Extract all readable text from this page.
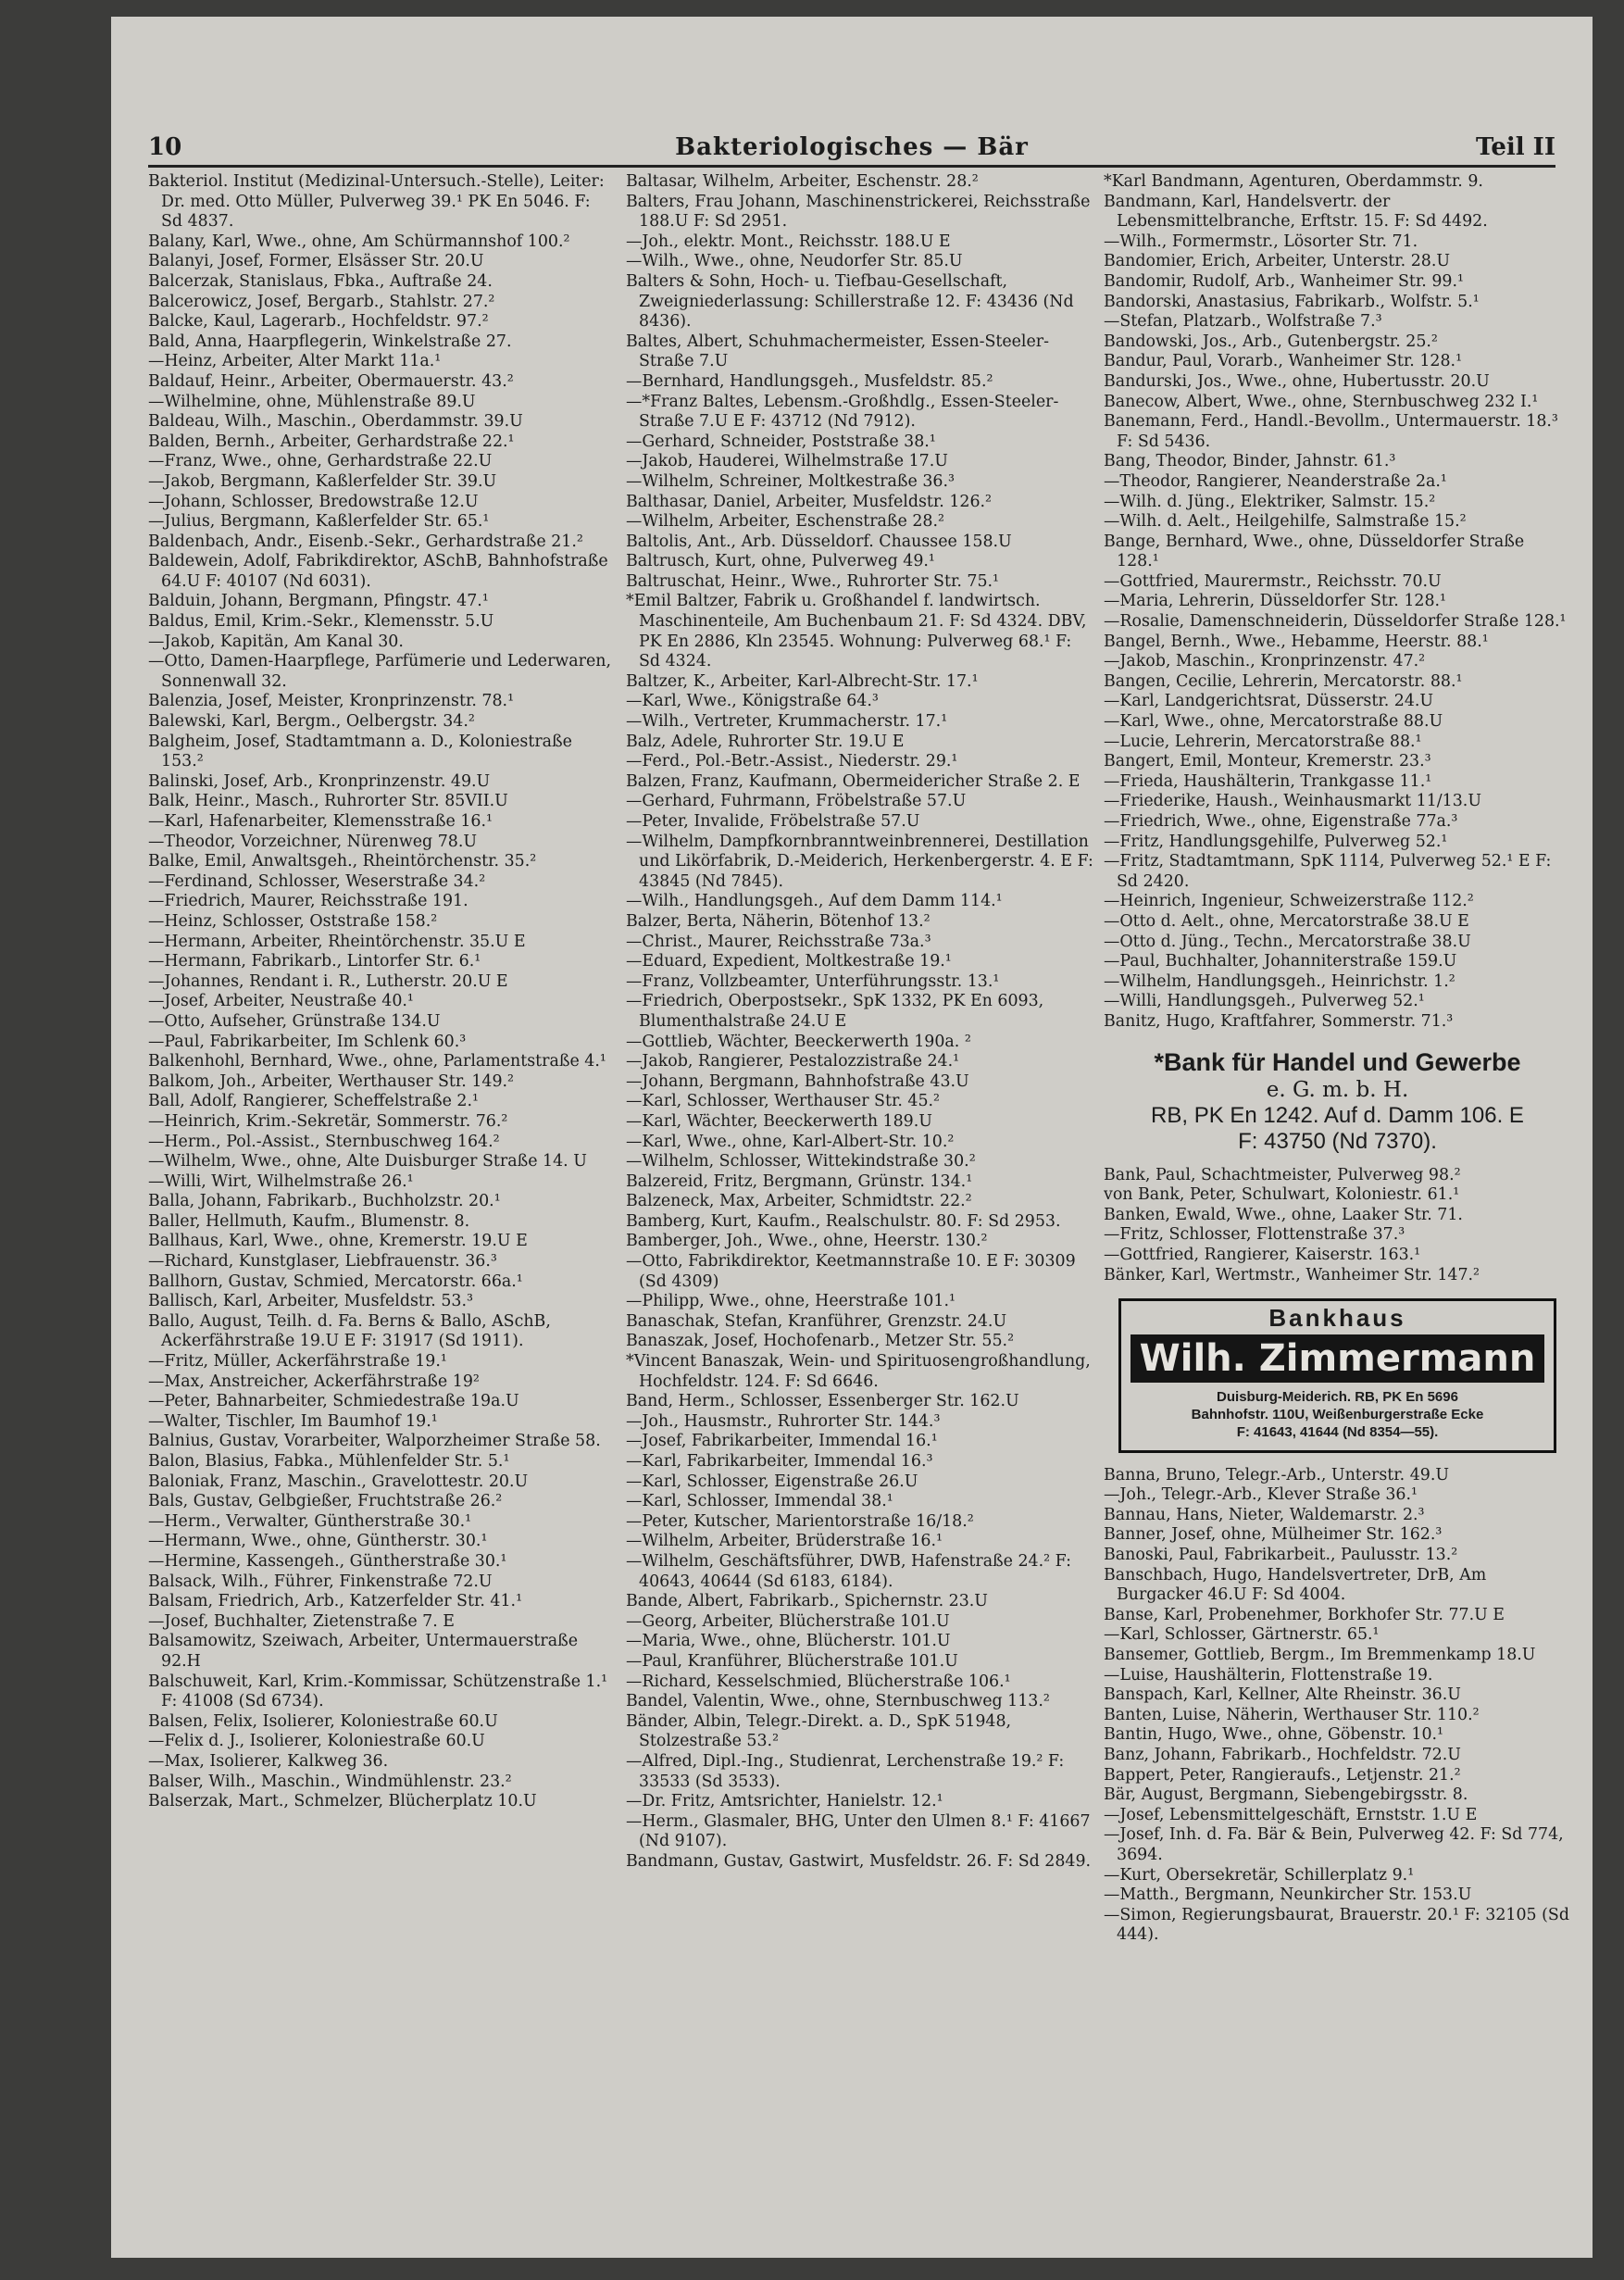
Bakteriologisches — Bär
10	Teil II

Bakteriol. Institut (Medizinal-Untersuch.-Stelle), Leiter: Dr. med. Otto Müller, Pulverweg 39.¹ PK En 5046. F: Sd 4837.

Balany, Karl, Wwe., ohne, Am Schürmannshof 100.²

Balanyi, Josef, Former, Elsässer Str. 20.U

Balcerzak, Stanislaus, Fbka., Auftraße 24.

Balcerowicz, Josef, Bergarb., Stahlstr. 27.²

Balcke, Kaul, Lagerarb., Hochfeldstr. 97.²

Bald, Anna, Haarpflegerin, Winkelstraße 27.

—Heinz, Arbeiter, Alter Markt 11a.¹

Baldauf, Heinr., Arbeiter, Obermauerstr. 43.²

—Wilhelmine, ohne, Mühlenstraße 89.U

Baldeau, Wilh., Maschin., Oberdammstr. 39.U

Balden, Bernh., Arbeiter, Gerhardstraße 22.¹

—Franz, Wwe., ohne, Gerhardstraße 22.U

—Jakob, Bergmann, Kaßlerfelder Str. 39.U

—Johann, Schlosser, Bredowstraße 12.U

—Julius, Bergmann, Kaßlerfelder Str. 65.¹

Baldenbach, Andr., Eisenb.-Sekr., Gerhardstraße 21.²

Baldewein, Adolf, Fabrikdirektor, ASchB, Bahnhofstraße 64.U F: 40107 (Nd 6031).

Balduin, Johann, Bergmann, Pfingstr. 47.¹

Baldus, Emil, Krim.-Sekr., Klemensstr. 5.U

—Jakob, Kapitän, Am Kanal 30.

—Otto, Damen-Haarpflege, Parfümerie und Lederwaren, Sonnenwall 32.

Balenzia, Josef, Meister, Kronprinzenstr. 78.¹

Balewski, Karl, Bergm., Oelbergstr. 34.²

Balgheim, Josef, Stadtamtmann a. D., Koloniestraße 153.²

Balinski, Josef, Arb., Kronprinzenstr. 49.U

Balk, Heinr., Masch., Ruhrorter Str. 85VII.U

—Karl, Hafenarbeiter, Klemensstraße 16.¹

—Theodor, Vorzeichner, Nürenweg 78.U

Balke, Emil, Anwaltsgeh., Rheintörchenstr. 35.²

—Ferdinand, Schlosser, Weserstraße 34.²

—Friedrich, Maurer, Reichsstraße 191.

—Heinz, Schlosser, Oststraße 158.²

—Hermann, Arbeiter, Rheintörchenstr. 35.U E

—Hermann, Fabrikarb., Lintorfer Str. 6.¹

—Johannes, Rendant i. R., Lutherstr. 20.U E

—Josef, Arbeiter, Neustraße 40.¹

—Otto, Aufseher, Grünstraße 134.U

—Paul, Fabrikarbeiter, Im Schlenk 60.³

Balkenhohl, Bernhard, Wwe., ohne, Parlamentstraße 4.¹

Balkom, Joh., Arbeiter, Werthauser Str. 149.²

Ball, Adolf, Rangierer, Scheffelstraße 2.¹

—Heinrich, Krim.-Sekretär, Sommerstr. 76.²

—Herm., Pol.-Assist., Sternbuschweg 164.²

—Wilhelm, Wwe., ohne, Alte Duisburger Straße 14. U

—Willi, Wirt, Wilhelmstraße 26.¹

Balla, Johann, Fabrikarb., Buchholzstr. 20.¹

Baller, Hellmuth, Kaufm., Blumenstr. 8.

Ballhaus, Karl, Wwe., ohne, Kremerstr. 19.U E

—Richard, Kunstglaser, Liebfrauenstr. 36.³

Ballhorn, Gustav, Schmied, Mercatorstr. 66a.¹

Ballisch, Karl, Arbeiter, Musfeldstr. 53.³

Ballo, August, Teilh. d. Fa. Berns & Ballo, ASchB, Ackerfährstraße 19.U E F: 31917 (Sd 1911).

—Fritz, Müller, Ackerfährstraße 19.¹

—Max, Anstreicher, Ackerfährstraße 19²

—Peter, Bahnarbeiter, Schmiedestraße 19a.U

—Walter, Tischler, Im Baumhof 19.¹

Balnius, Gustav, Vorarbeiter, Walporzheimer Straße 58.

Balon, Blasius, Fabka., Mühlenfelder Str. 5.¹

Baloniak, Franz, Maschin., Gravelottestr. 20.U

Bals, Gustav, Gelbgießer, Fruchtstraße 26.²

—Herm., Verwalter, Güntherstraße 30.¹

—Hermann, Wwe., ohne, Güntherstr. 30.¹

—Hermine, Kassengeh., Güntherstraße 30.¹

Balsack, Wilh., Führer, Finkenstraße 72.U

Balsam, Friedrich, Arb., Katzerfelder Str. 41.¹

—Josef, Buchhalter, Zietenstraße 7. E

Balsamowitz, Szeiwach, Arbeiter, Untermauerstraße 92.H

Balschuweit, Karl, Krim.-Kommissar, Schützenstraße 1.¹ F: 41008 (Sd 6734).

Balsen, Felix, Isolierer, Koloniestraße 60.U

—Felix d. J., Isolierer, Koloniestraße 60.U

—Max, Isolierer, Kalkweg 36.

Balser, Wilh., Maschin., Windmühlenstr. 23.²

Balserzak, Mart., Schmelzer, Blücherplatz 10.U

Baltasar, Wilhelm, Arbeiter, Eschenstr. 28.²

Balters, Frau Johann, Maschinenstrickerei, Reichsstraße 188.U F: Sd 2951.

—Joh., elektr. Mont., Reichsstr. 188.U E

—Wilh., Wwe., ohne, Neudorfer Str. 85.U

Balters & Sohn, Hoch- u. Tiefbau-Gesellschaft, Zweigniederlassung: Schillerstraße 12. F: 43436 (Nd 8436).

Baltes, Albert, Schuhmachermeister, Essen-Steeler-Straße 7.U

—Bernhard, Handlungsgeh., Musfeldstr. 85.²

—*Franz Baltes, Lebensm.-Großhdlg., Essen-Steeler-Straße 7.U E F: 43712 (Nd 7912).

—Gerhard, Schneider, Poststraße 38.¹

—Jakob, Hauderei, Wilhelmstraße 17.U

—Wilhelm, Schreiner, Moltkestraße 36.³

Balthasar, Daniel, Arbeiter, Musfeldstr. 126.²

—Wilhelm, Arbeiter, Eschenstraße 28.²

Baltolis, Ant., Arb. Düsseldorf. Chaussee 158.U

Baltrusch, Kurt, ohne, Pulverweg 49.¹

Baltruschat, Heinr., Wwe., Ruhrorter Str. 75.¹

*Emil Baltzer, Fabrik u. Großhandel f. landwirtsch. Maschinenteile, Am Buchenbaum 21. F: Sd 4324. DBV, PK En 2886, Kln 23545. Wohnung: Pulverweg 68.¹ F: Sd 4324.

Baltzer, K., Arbeiter, Karl-Albrecht-Str. 17.¹

—Karl, Wwe., Königstraße 64.³

—Wilh., Vertreter, Krummacherstr. 17.¹

Balz, Adele, Ruhrorter Str. 19.U E

—Ferd., Pol.-Betr.-Assist., Niederstr. 29.¹

Balzen, Franz, Kaufmann, Obermeidericher Straße 2. E

—Gerhard, Fuhrmann, Fröbelstraße 57.U

—Peter, Invalide, Fröbelstraße 57.U

—Wilhelm, Dampfkornbranntweinbrennerei, Destillation und Likörfabrik, D.-Meiderich, Herkenbergerstr. 4. E F: 43845 (Nd 7845).

—Wilh., Handlungsgeh., Auf dem Damm 114.¹

Balzer, Berta, Näherin, Bötenhof 13.²

—Christ., Maurer, Reichsstraße 73a.³

—Eduard, Expedient, Moltkestraße 19.¹

—Franz, Vollzbeamter, Unterführungsstr. 13.¹

—Friedrich, Oberpostsekr., SpK 1332, PK En 6093, Blumenthalstraße 24.U E

—Gottlieb, Wächter, Beeckerwerth 190a. ²

—Jakob, Rangierer, Pestalozzistraße 24.¹

—Johann, Bergmann, Bahnhofstraße 43.U

—Karl, Schlosser, Werthauser Str. 45.²

—Karl, Wächter, Beeckerwerth 189.U

—Karl, Wwe., ohne, Karl-Albert-Str. 10.²

—Wilhelm, Schlosser, Wittekindstraße 30.²

Balzereid, Fritz, Bergmann, Grünstr. 134.¹

Balzeneck, Max, Arbeiter, Schmidtstr. 22.²

Bamberg, Kurt, Kaufm., Realschulstr. 80. F: Sd 2953.

Bamberger, Joh., Wwe., ohne, Heerstr. 130.²

—Otto, Fabrikdirektor, Keetmannstraße 10. E F: 30309 (Sd 4309)

—Philipp, Wwe., ohne, Heerstraße 101.¹

Banaschak, Stefan, Kranführer, Grenzstr. 24.U

Banaszak, Josef, Hochofenarb., Metzer Str. 55.²

*Vincent Banaszak, Wein- und Spirituosengroßhandlung, Hochfeldstr. 124. F: Sd 6646.

Band, Herm., Schlosser, Essenberger Str. 162.U

—Joh., Hausmstr., Ruhrorter Str. 144.³

—Josef, Fabrikarbeiter, Immendal 16.¹

—Karl, Fabrikarbeiter, Immendal 16.³

—Karl, Schlosser, Eigenstraße 26.U

—Karl, Schlosser, Immendal 38.¹

—Peter, Kutscher, Marientorstraße 16/18.²

—Wilhelm, Arbeiter, Brüderstraße 16.¹

—Wilhelm, Geschäftsführer, DWB, Hafenstraße 24.² F: 40643, 40644 (Sd 6183, 6184).

Bande, Albert, Fabrikarb., Spichernstr. 23.U

—Georg, Arbeiter, Blücherstraße 101.U

—Maria, Wwe., ohne, Blücherstr. 101.U

—Paul, Kranführer, Blücherstraße 101.U

—Richard, Kesselschmied, Blücherstraße 106.¹

Bandel, Valentin, Wwe., ohne, Sternbuschweg 113.²

Bänder, Albin, Telegr.-Direkt. a. D., SpK 51948, Stolzestraße 53.²

—Alfred, Dipl.-Ing., Studienrat, Lerchenstraße 19.² F: 33533 (Sd 3533).

—Dr. Fritz, Amtsrichter, Hanielstr. 12.¹

—Herm., Glasmaler, BHG, Unter den Ulmen 8.¹ F: 41667 (Nd 9107).

Bandmann, Gustav, Gastwirt, Musfeldstr. 26. F: Sd 2849.

*Karl Bandmann, Agenturen, Oberdammstr. 9.

Bandmann, Karl, Handelsvertr. der Lebensmittelbranche, Erftstr. 15. F: Sd 4492.

—Wilh., Formermstr., Lösorter Str. 71.

Bandomier, Erich, Arbeiter, Unterstr. 28.U

Bandomir, Rudolf, Arb., Wanheimer Str. 99.¹

Bandorski, Anastasius, Fabrikarb., Wolfstr. 5.¹

—Stefan, Platzarb., Wolfstraße 7.³

Bandowski, Jos., Arb., Gutenbergstr. 25.²

Bandur, Paul, Vorarb., Wanheimer Str. 128.¹

Bandurski, Jos., Wwe., ohne, Hubertusstr. 20.U

Banecow, Albert, Wwe., ohne, Sternbuschweg 232 I.¹

Banemann, Ferd., Handl.-Bevollm., Untermauerstr. 18.³ F: Sd 5436.

Bang, Theodor, Binder, Jahnstr. 61.³

—Theodor, Rangierer, Neanderstraße 2a.¹

—Wilh. d. Jüng., Elektriker, Salmstr. 15.²

—Wilh. d. Aelt., Heilgehilfe, Salmstraße 15.²

Bange, Bernhard, Wwe., ohne, Düsseldorfer Straße 128.¹

—Gottfried, Maurermstr., Reichsstr. 70.U

—Maria, Lehrerin, Düsseldorfer Str. 128.¹

—Rosalie, Damenschneiderin, Düsseldorfer Straße 128.¹

Bangel, Bernh., Wwe., Hebamme, Heerstr. 88.¹

—Jakob, Maschin., Kronprinzenstr. 47.²

Bangen, Cecilie, Lehrerin, Mercatorstr. 88.¹

—Karl, Landgerichtsrat, Düsserstr. 24.U

—Karl, Wwe., ohne, Mercatorstraße 88.U

—Lucie, Lehrerin, Mercatorstraße 88.¹

Bangert, Emil, Monteur, Kremerstr. 23.³

—Frieda, Haushälterin, Trankgasse 11.¹

—Friederike, Haush., Weinhausmarkt 11/13.U

—Friedrich, Wwe., ohne, Eigenstraße 77a.³

—Fritz, Handlungsgehilfe, Pulverweg 52.¹

—Fritz, Stadtamtmann, SpK 1114, Pulverweg 52.¹ E F: Sd 2420.

—Heinrich, Ingenieur, Schweizerstraße 112.²

—Otto d. Aelt., ohne, Mercatorstraße 38.U E

—Otto d. Jüng., Techn., Mercatorstraße 38.U

—Paul, Buchhalter, Johanniterstraße 159.U

—Wilhelm, Handlungsgeh., Heinrichstr. 1.²

—Willi, Handlungsgeh., Pulverweg 52.¹

Banitz, Hugo, Kraftfahrer, Sommerstr. 71.³

*Bank für Handel und Gewerbe
e. G. m. b. H.
RB, PK En 1242. Auf d. Damm 106. E
F: 43750 (Nd 7370).

Bank, Paul, Schachtmeister, Pulverweg 98.²

von Bank, Peter, Schulwart, Koloniestr. 61.¹

Banken, Ewald, Wwe., ohne, Laaker Str. 71.

—Fritz, Schlosser, Flottenstraße 37.³

—Gottfried, Rangierer, Kaiserstr. 163.¹

Bänker, Karl, Wertmstr., Wanheimer Str. 147.²

Bankhaus
Wilh. Zimmermann
Duisburg-Meiderich. RB, PK En 5696
Bahnhofstr. 110U, Weißenburgerstraße Ecke
F: 41643, 41644 (Nd 8354—55).

Banna, Bruno, Telegr.-Arb., Unterstr. 49.U

—Joh., Telegr.-Arb., Klever Straße 36.¹

Bannau, Hans, Nieter, Waldemarstr. 2.³

Banner, Josef, ohne, Mülheimer Str. 162.³

Banoski, Paul, Fabrikarbeit., Paulusstr. 13.²

Banschbach, Hugo, Handelsvertreter, DrB, Am Burgacker 46.U F: Sd 4004.

Banse, Karl, Probenehmer, Borkhofer Str. 77.U E

—Karl, Schlosser, Gärtnerstr. 65.¹

Bansemer, Gottlieb, Bergm., Im Bremmenkamp 18.U

—Luise, Haushälterin, Flottenstraße 19.

Banspach, Karl, Kellner, Alte Rheinstr. 36.U

Banten, Luise, Näherin, Werthauser Str. 110.²

Bantin, Hugo, Wwe., ohne, Göbenstr. 10.¹

Banz, Johann, Fabrikarb., Hochfeldstr. 72.U

Bappert, Peter, Rangieraufs., Letjenstr. 21.²

Bär, August, Bergmann, Siebengebirgsstr. 8.

—Josef, Lebensmittelgeschäft, Ernststr. 1.U E

—Josef, Inh. d. Fa. Bär & Bein, Pulverweg 42. F: Sd 774, 3694.

—Kurt, Obersekretär, Schillerplatz 9.¹

—Matth., Bergmann, Neunkircher Str. 153.U

—Simon, Regierungsbaurat, Brauerstr. 20.¹ F: 32105 (Sd 444).
